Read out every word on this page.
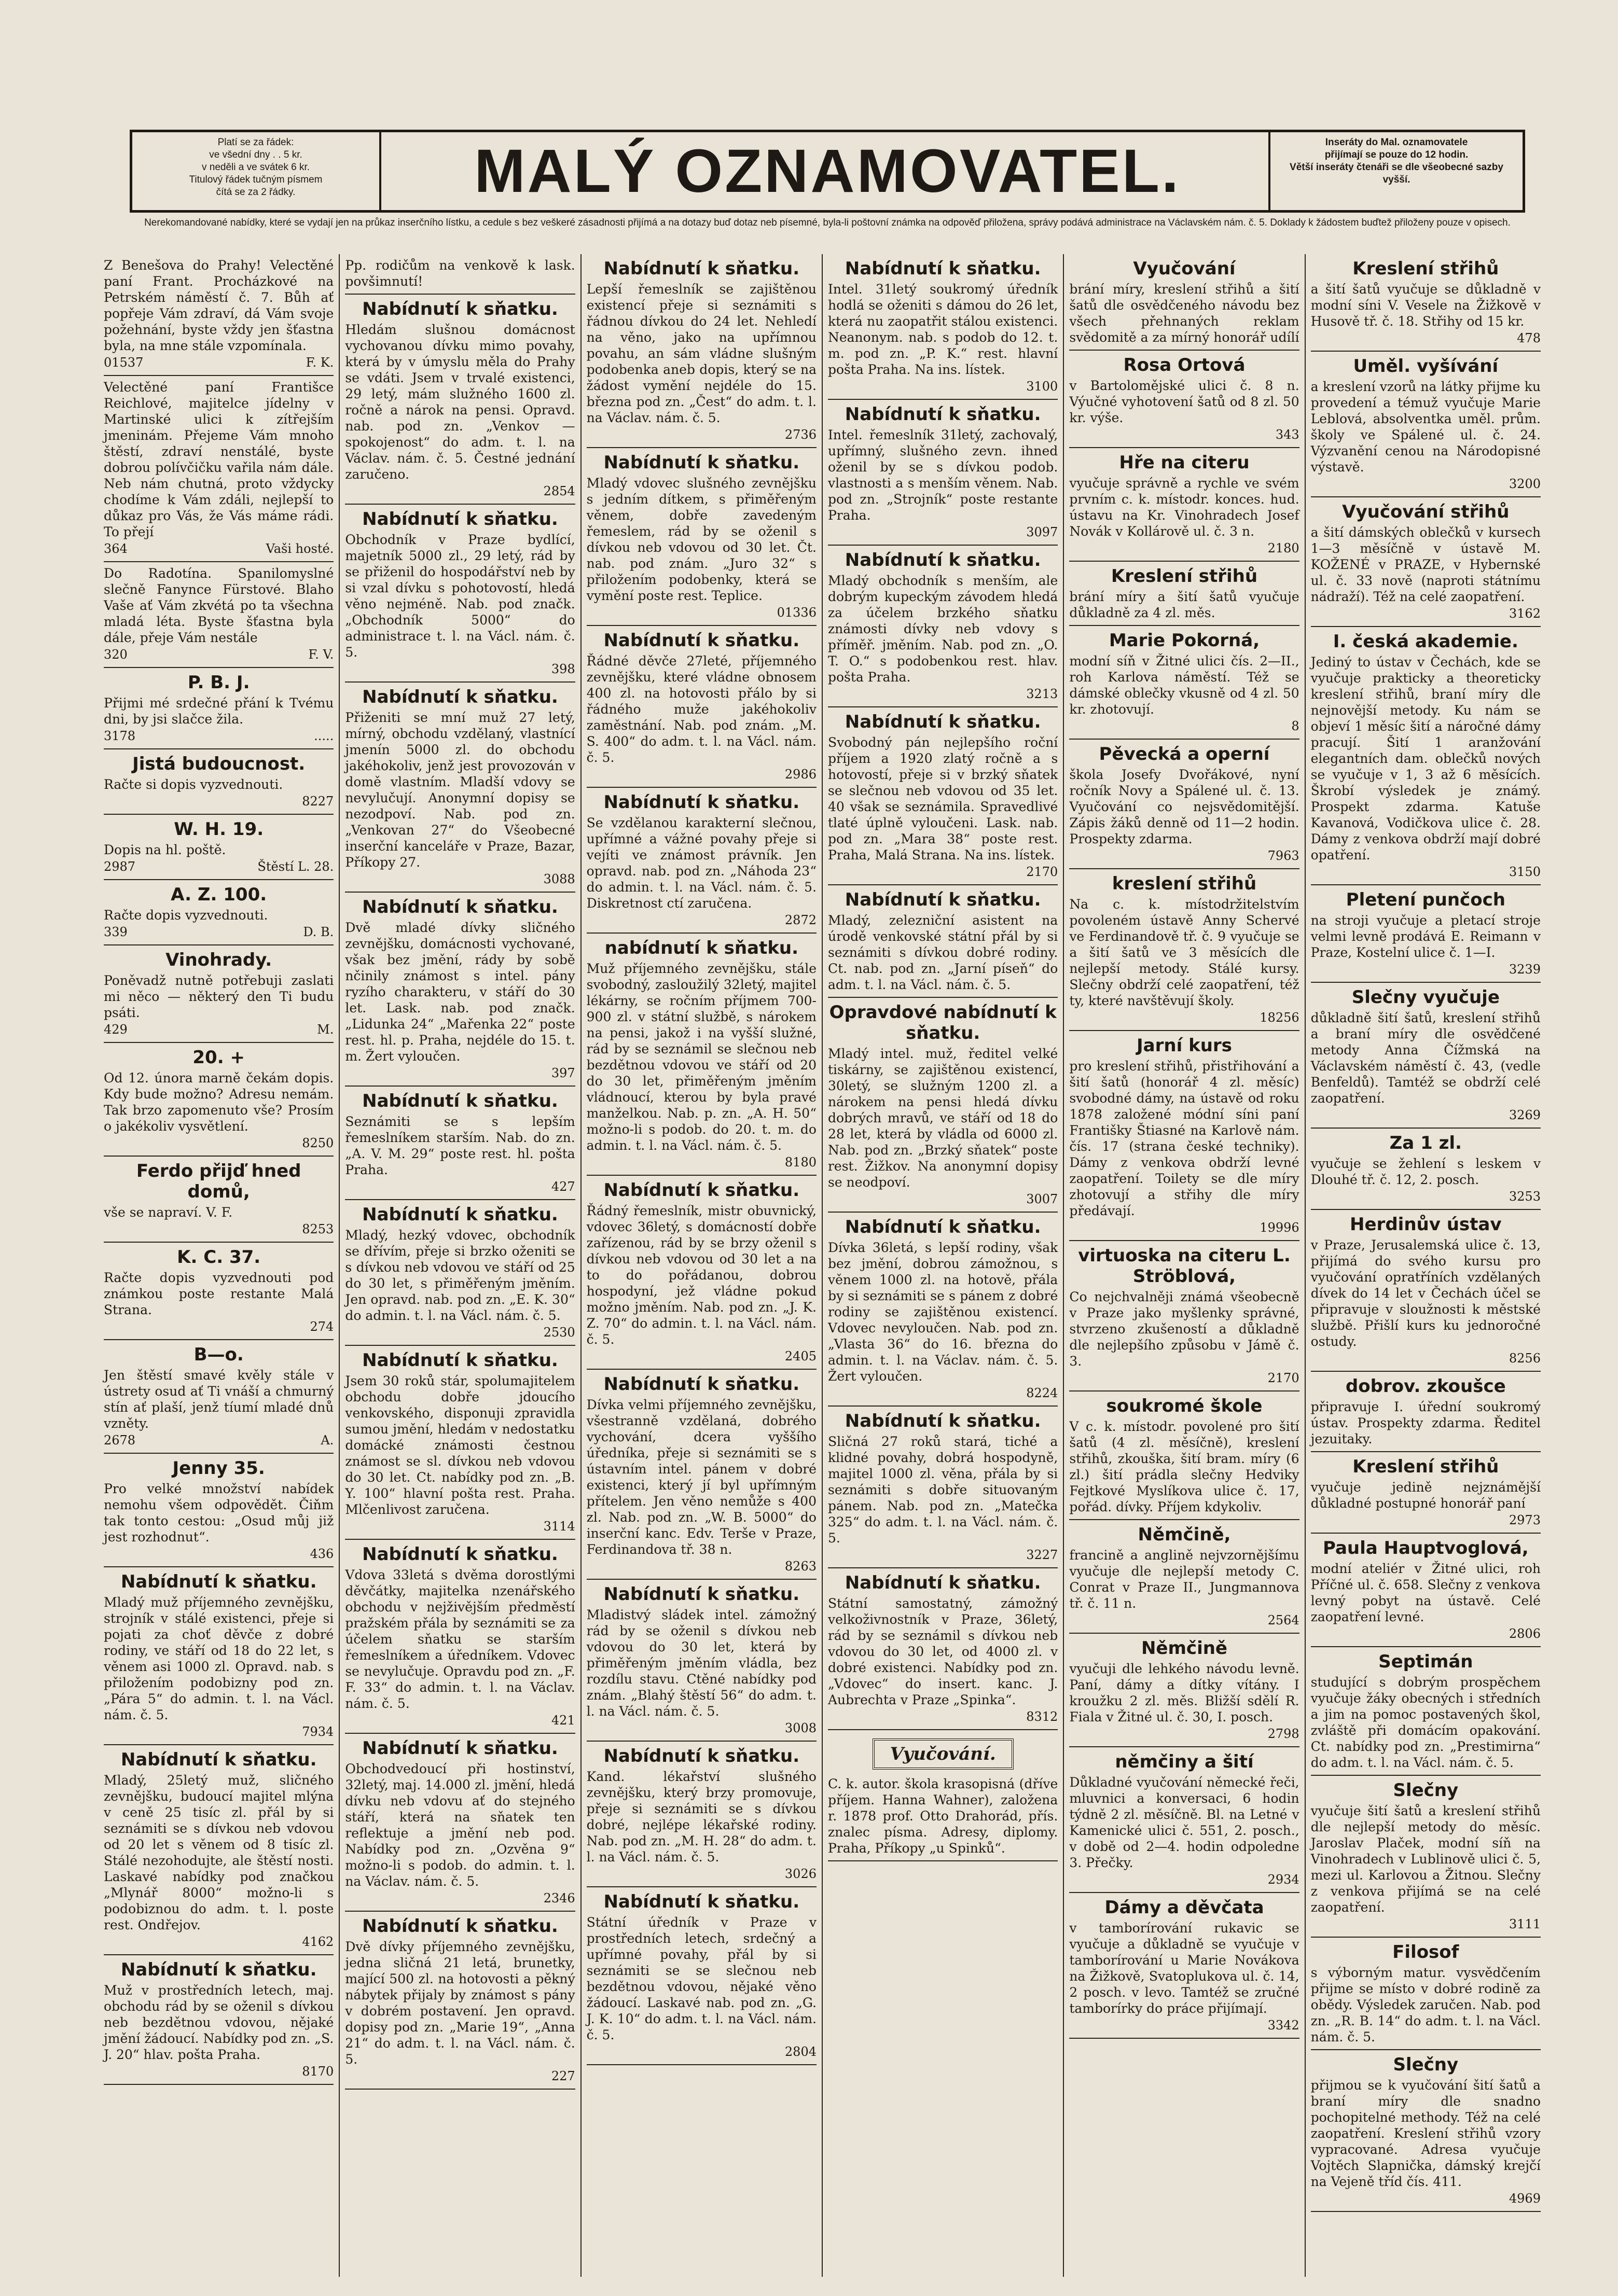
Platí se za řádek:
ve všední dny . . 5 kr.
v neděli a ve svátek 6 kr.
Titulový řádek tučným písmem
čítá se za 2 řádky.	MALÝ OZNAMOVATEL.	Inseráty do Mal. oznamovatele
přijímají se pouze do 12 hodin.
Větší inseráty čtenáři se dle všeobecné sazby vyšší.
Nerekomandované nabídky, které se vydají jen na průkaz inserčního lístku, a cedule s bez veškeré zásadnosti přijímá a na dotazy buď dotaz neb písemné, byla-li poštovní známka na odpověď přiložena, správy podává administrace na Václavském nám. č. 5. Doklady k žádostem buďtež přiloženy pouze v opisech.
Z Benešova do Prahy! Velectěné paní Frant. Procházkové na Petrském náměstí č. 7. Bůh ať popřeje Vám zdraví, dá Vám svoje požehnání, byste vždy jen šťastna byla, na mne stále vzpomínala.
01537	F. K.
Velectěné paní Františce Reichlové, majitelce jídelny v Martinské ulici k zítřejším jmeninám. Přejeme Vám mnoho štěstí, zdraví nenstálé, byste dobrou polívčičku vařila nám dále. Neb nám chutná, proto vždycky chodíme k Vám zdáli, nejlepší to důkaz pro Vás, že Vás máme rádi. To přejí
364	Vaši hosté.
Do Radotína. Spanilomyslné slečně Fanynce Fürstové. Blaho Vaše ať Vám zkvétá po ta všechna mladá léta. Byste šťastna byla dále, přeje Vám nestále
320	F. V.
P. B. J.
Přijmi mé srdečné přání k Tvému dni, by jsi slačce žila.
3178	.....
Jistá budoucnost.
Račte si dopis vyzvednouti.
8227
W. H. 19.
Dopis na hl. poště.
2987	Štěstí L. 28.
A. Z. 100.
Račte dopis vyzvednouti.
339	D. B.
Vinohrady.
Poněvadž nutně potřebuji zaslati mi něco — některý den Ti budu psáti.
429	M.
20. +
Od 12. února marně čekám dopis. Kdy bude možno? Adresu nemám. Tak brzo zapomenuto vše? Prosím o jakékoliv vysvětlení.
8250
Ferdo přijď hned domů,
vše se napraví. V. F.
8253
K. C. 37.
Račte dopis vyzvednouti pod známkou poste restante Malá Strana.
274
B—o.
Jen štěstí smavé kvěly stále v ústrety osud ať Ti vnáší a chmurný stín ať plaší, jenž tíumí mladé dnů vzněty.
2678	A.
Jenny 35.
Pro velké množství nabídek nemohu všem odpovědět. Čiňm tak tonto cestou: „Osud můj již jest rozhodnut“.
436
Nabídnutí k sňatku.
Mladý muž příjemného zevnějšku, strojník v stálé existenci, přeje si pojati za choť děvče z dobré rodiny, ve stáří od 18 do 22 let, s věnem asi 1000 zl. Opravd. nab. s přiložením podobizny pod zn. „Pára 5“ do admin. t. l. na Václ. nám. č. 5.
7934
Nabídnutí k sňatku.
Mladý, 25letý muž, sličného zevnějšku, budoucí majitel mlýna v ceně 25 tisíc zl. přál by si seznámiti se s dívkou neb vdovou od 20 let s věnem od 8 tisíc zl. Stálé nezohodujte, ale štěstí nosti. Laskavé nabídky pod značkou „Mlynář 8000“ možno-li s podobiznou do adm. t. l. poste rest. Ondřejov.
4162
Nabídnutí k sňatku.
Muž v prostředních letech, maj. obchodu rád by se oženil s dívkou neb bezdětnou vdovou, nějaké jmění žádoucí. Nabídky pod zn. „S. J. 20“ hlav. pošta Praha.
8170
Pp. rodičům na venkově k lask. povšimnutí!
Nabídnutí k sňatku.
Hledám slušnou domácnost vychovanou dívku mimo povahy, která by v úmyslu měla do Prahy se vdáti. Jsem v trvalé existenci, 29 letý, mám služného 1600 zl. ročně a nárok na pensi. Opravd. nab. pod zn. „Venkov — spokojenost“ do adm. t. l. na Václav. nám. č. 5. Čestné jednání zaručeno.
2854
Nabídnutí k sňatku.
Obchodník v Praze bydlící, majetník 5000 zl., 29 letý, rád by se přiženil do hospodářství neb by si vzal dívku s pohotovostí, hledá věno nejméně. Nab. pod značk. „Obchodník 5000“ do administrace t. l. na Václ. nám. č. 5.
398
Nabídnutí k sňatku.
Přiženiti se mní muž 27 letý, mírný, obchodu vzdělaný, vlastnící jmenín 5000 zl. do obchodu jakéhokoliv, jenž jest provozován v domě vlastním. Mladší vdovy se nevylučují. Anonymní dopisy se nezodpoví. Nab. pod zn. „Venkovan 27“ do Všeobecné inserční kanceláře v Praze, Bazar, Příkopy 27.
3088
Nabídnutí k sňatku.
Dvě mladé dívky sličného zevnějšku, domácnosti vychované, však bez jmění, rády by sobě nčinily známost s intel. pány ryzího charakteru, v stáří do 30 let. Lask. nab. pod značk. „Lidunka 24“ „Mařenka 22“ poste rest. hl. p. Praha, nejdéle do 15. t. m. Žert vyloučen.
397
Nabídnutí k sňatku.
Seznámiti se s lepším řemeslníkem starším. Nab. do zn. „A. V. M. 29“ poste rest. hl. pošta Praha.
427
Nabídnutí k sňatku.
Mladý, hezký vdovec, obchodník se dřívím, přeje si brzko oženiti se s dívkou neb vdovou ve stáří od 25 do 30 let, s přiměřeným jměním. Jen opravd. nab. pod zn. „E. K. 30“ do admin. t. l. na Václ. nám. č. 5.
2530
Nabídnutí k sňatku.
Jsem 30 roků stár, spolumajitelem obchodu dobře jdoucího venkovského, disponuji zpravidla sumou jmění, hledám v nedostatku domácké známosti čestnou známost se sl. dívkou neb vdovou do 30 let. Ct. nabídky pod zn. „B. Y. 100“ hlavní pošta rest. Praha. Mlčenlivost zaručena.
3114
Nabídnutí k sňatku.
Vdova 33letá s dvěma dorostlými děvčátky, majitelka nzenářského obchodu v nejživějším předměstí pražském přála by seznámiti se za účelem sňatku se starším řemeslníkem a úředníkem. Vdovec se nevylučuje. Opravdu pod zn. „F. F. 33“ do admin. t. l. na Václav. nám. č. 5.
421
Nabídnutí k sňatku.
Obchodvedoucí při hostinství, 32letý, maj. 14.000 zl. jmění, hledá dívku neb vdovu ať do stejného stáří, která na sňatek ten reflektuje a jmění neb pod. Nabídky pod zn. „Ozvěna 9“ možno-li s podob. do admin. t. l. na Václav. nám. č. 5.
2346
Nabídnutí k sňatku.
Dvě dívky příjemného zevnějšku, jedna sličná 21 letá, brunetky, mající 500 zl. na hotovosti a pěkný nábytek přijaly by známost s pány v dobrém postavení. Jen opravd. dopisy pod zn. „Marie 19“, „Anna 21“ do adm. t. l. na Václ. nám. č. 5.
227
Nabídnutí k sňatku.
Lepší řemeslník se zajištěnou existencí přeje si seznámiti s řádnou dívkou do 24 let. Nehledí na věno, jako na upřímnou povahu, an sám vládne slušným podobenka aneb dopis, který se na žádost vymění nejdéle do 15. března pod zn. „Čest“ do adm. t. l. na Václav. nám. č. 5.
2736
Nabídnutí k sňatku.
Mladý vdovec slušného zevnějšku s jedním dítkem, s přiměřeným věnem, dobře zavedeným řemeslem, rád by se oženil s dívkou neb vdovou od 30 let. Čt. nab. pod znám. „Juro 32“ s přiložením podobenky, která se vymění poste rest. Teplice.
01336
Nabídnutí k sňatku.
Řádné děvče 27leté, příjemného zevnějšku, které vládne obnosem 400 zl. na hotovosti přálo by si řádného muže jakéhokoliv zaměstnání. Nab. pod znám. „M. S. 400“ do adm. t. l. na Václ. nám. č. 5.
2986
Nabídnutí k sňatku.
Se vzdělanou karakterní slečnou, upřímné a vážné povahy přeje si vejíti ve známost právník. Jen opravd. nab. pod zn. „Náhoda 23“ do admin. t. l. na Václ. nám. č. 5. Diskretnost ctí zaručena.
2872
nabídnutí k sňatku.
Muž příjemného zevnějšku, stále svobodný, zasloužilý 32letý, majitel lékárny, se ročním příjmem 700-900 zl. v státní službě, s nárokem na pensi, jakož i na vyšší služné, rád by se seznámil se slečnou neb bezdětnou vdovou ve stáří od 20 do 30 let, přiměřeným jměním vládnoucí, kterou by byla pravé manželkou. Nab. p. zn. „A. H. 50“ možno-li s podob. do 20. t. m. do admin. t. l. na Václ. nám. č. 5.
8180
Nabídnutí k sňatku.
Řádný řemeslník, mistr obuvnický, vdovec 36letý, s domácností dobře zařízenou, rád by se brzy oženil s dívkou neb vdovou od 30 let a na to do pořádanou, dobrou hospodyní, jež vládne pokud možno jměním. Nab. pod zn. „J. K. Z. 70“ do admin. t. l. na Václ. nám. č. 5.
2405
Nabídnutí k sňatku.
Dívka velmi příjemného zevnějšku, všestranně vzdělaná, dobrého vychování, dcera vyššího úředníka, přeje si seznámiti se s ústavním intel. pánem v dobré existenci, který jí byl upřímným přítelem. Jen věno nemůže s 400 zl. Nab. pod zn. „W. B. 5000“ do inserční kanc. Edv. Terše v Praze, Ferdinandova tř. 38 n.
8263
Nabídnutí k sňatku.
Mladistvý sládek intel. zámožný rád by se oženil s dívkou neb vdovou do 30 let, která by přiměřeným jměním vládla, bez rozdílu stavu. Ctěné nabídky pod znám. „Blahý štěstí 56“ do adm. t. l. na Václ. nám. č. 5.
3008
Nabídnutí k sňatku.
Kand. lékařství slušného zevnějšku, který brzy promovuje, přeje si seznámiti se s dívkou dobré, nejlépe lékařské rodiny. Nab. pod zn. „M. H. 28“ do adm. t. l. na Václ. nám. č. 5.
3026
Nabídnutí k sňatku.
Státní úředník v Praze v prostředních letech, srdečný a upřímné povahy, přál by si seznámiti se se slečnou neb bezdětnou vdovou, nějaké věno žádoucí. Laskavé nab. pod zn. „G. J. K. 10“ do adm. t. l. na Václ. nám. č. 5.
2804
Nabídnutí k sňatku.
Intel. 31letý soukromý úředník hodlá se oženiti s dámou do 26 let, která nu zaopatřit stálou existenci. Neanonym. nab. s podob do 12. t. m. pod zn. „P. K.“ rest. hlavní pošta Praha. Na ins. lístek.
3100
Nabídnutí k sňatku.
Intel. řemeslník 31letý, zachovalý, upřímný, slušného zevn. ihned oženil by se s dívkou podob. vlastnosti a s menším věnem. Nab. pod zn. „Strojník“ poste restante Praha.
3097
Nabídnutí k sňatku.
Mladý obchodník s menším, ale dobrým kupeckým závodem hledá za účelem brzkého sňatku známosti dívky neb vdovy s příměř. jměním. Nab. pod zn. „O. T. O.“ s podobenkou rest. hlav. pošta Praha.
3213
Nabídnutí k sňatku.
Svobodný pán nejlepšího roční příjem a 1920 zlatý ročně a s hotovostí, přeje si v brzký sňatek se slečnou neb vdovou od 35 let. 40 však se seznámila. Spravedlivé tlaté úplně vyloučeni. Lask. nab. pod zn. „Mara 38“ poste rest. Praha, Malá Strana. Na ins. lístek.
2170
Nabídnutí k sňatku.
Mladý, zelezniční asistent na úrodě venkovské státní přál by si seznámiti s dívkou dobré rodiny. Ct. nab. pod zn. „Jarní píseň“ do adm. t. l. na Václ. nám. č. 5.
Opravdové nabídnutí k sňatku.
Mladý intel. muž, ředitel velké tiskárny, se zajištěnou existencí, 30letý, se služným 1200 zl. a nárokem na pensi hledá dívku dobrých mravů, ve stáří od 18 do 28 let, která by vládla od 6000 zl. Nab. pod zn. „Brzký sňatek“ poste rest. Žižkov. Na anonymní dopisy se neodpoví.
3007
Nabídnutí k sňatku.
Dívka 36letá, s lepší rodiny, však bez jmění, dobrou zámožnou, s věnem 1000 zl. na hotově, přála by si seznámiti se s pánem z dobré rodiny se zajištěnou existencí. Vdovec nevyloučen. Nab. pod zn. „Vlasta 36“ do 16. března do admin. t. l. na Václav. nám. č. 5. Žert vyloučen.
8224
Nabídnutí k sňatku.
Sličná 27 roků stará, tiché a klidné povahy, dobrá hospodyně, majitel 1000 zl. věna, přála by si seznámiti s dobře situovaným pánem. Nab. pod zn. „Matečka 325“ do adm. t. l. na Václ. nám. č. 5.
3227
Nabídnutí k sňatku.
Státní samostatný, zámožný velkoživnostník v Praze, 36letý, rád by se seznámil s dívkou neb vdovou do 30 let, od 4000 zl. v dobré existenci. Nabídky pod zn. „Vdovec“ do insert. kanc. J. Aubrechta v Praze „Spinka“.
8312
Vyučování.
C. k. autor. škola krasopisná (dříve příjem. Hanna Wahner), založena r. 1878 prof. Otto Drahorád, přís. znalec písma. Adresy, diplomy. Praha, Příkopy „u Spinků“.
Vyučování
brání míry, kreslení střihů a šití šatů dle osvědčeného návodu bez všech přehnaných reklam svědomitě a za mírný honorář udílí
Rosa Ortová
v Bartolomějské ulici č. 8 n. Výučné vyhotovení šatů od 8 zl. 50 kr. výše.
343
Hře na citeru
vyučuje správně a rychle ve svém prvním c. k. místodr. konces. hud. ústavu na Kr. Vinohradech Josef Novák v Kollárově ul. č. 3 n.
2180
Kreslení střihů
brání míry a šití šatů vyučuje důkladně za 4 zl. měs.
Marie Pokorná,
modní síň v Žitné ulici čís. 2—II., roh Karlova náměstí. Též se dámské oblečky vkusně od 4 zl. 50 kr. zhotovují.
8
Pěvecká a operní
škola Josefy Dvořákové, nyní ročník Novy a Spálené ul. č. 13. Vyučování co nejsvědomitější. Zápis žáků denně od 11—2 hodin. Prospekty zdarma.
7963
kreslení střihů
Na c. k. místodržitelstvím povoleném ústavě Anny Schervé ve Ferdinandově tř. č. 9 vyučuje se a šití šatů ve 3 měsících dle nejlepší metody. Stálé kursy. Slečny obdrží celé zaopatření, též ty, které navštěvují školy.
18256
Jarní kurs
pro kreslení střihů, přistřihování a šití šatů (honorář 4 zl. měsíc) svobodné dámy, na ústavě od roku 1878 založené módní síni paní Františky Štiasné na Karlově nám. čís. 17 (strana české techniky). Dámy z venkova obdrží levné zaopatření. Toilety se dle míry zhotovují a střihy dle míry předávají.
19996
virtuoska na citeru L. Ströblová,
Co nejchvalněji známá všeobecně v Praze jako myšlenky správné, stvrzeno zkušeností a důkladně dle nejlepšího způsobu v Jámě č. 3.
2170
soukromé škole
V c. k. místodr. povolené pro šití šatů (4 zl. měsíčně), kreslení střihů, zkouška, šití bram. míry (6 zl.) šití prádla slečny Hedviky Fejtkové Myslíkova ulice č. 17, pořád. dívky. Příjem kdykoliv.
Němčině,
francině a anglině nejvzornějšímu vyučuje dle nejlepší metody C. Conrat v Praze II., Jungmannova tř. č. 11 n.
2564
Němčině
vyučuji dle lehkého návodu levně. Paní, dámy a dítky vítány. I kroužku 2 zl. měs. Bližší sdělí R. Fiala v Žitné ul. č. 30, I. posch.
2798
němčiny a šití
Důkladné vyučování německé řeči, mluvnici a konversaci, 6 hodin týdně 2 zl. měsíčně. Bl. na Letné v Kamenické ulici č. 551, 2. posch., v době od 2—4. hodin odpoledne 3. Přečky.
2934
Dámy a děvčata
v tamborírování rukavic se vyučuje a důkladně se vyučuje v tamborírování u Marie Novákova na Žižkově, Svatoplukova ul. č. 14, 2 posch. v levo. Tamtéž se zručné tamborírky do práce přijímají.
3342
Kreslení střihů
a šití šatů vyučuje se důkladně v modní síni V. Vesele na Žižkově v Husově tř. č. 18. Střihy od 15 kr.
478
Uměl. vyšívání
a kreslení vzorů na látky přijme ku provedení a témuž vyučuje Marie Leblová, absolventka uměl. prům. školy ve Spálené ul. č. 24. Výzvanění cenou na Národopisné výstavě.
3200
Vyučování střihů
a šití dámských oblečků v kursech 1—3 měsíčně v ústavě M. KOŽENÉ v PRAZE, v Hybernské ul. č. 33 nově (naproti státnímu nádraží). Též na celé zaopatření.
3162
I. česká akademie.
Jediný to ústav v Čechách, kde se vyučuje prakticky a theoreticky kreslení střihů, braní míry dle nejnovější metody. Ku nám se objeví 1 měsíc šití a náročné dámy pracují. Šití 1 aranžování elegantních dam. oblečků nových se vyučuje v 1, 3 až 6 měsících. Škrobí výsledek je známý. Prospekt zdarma. Katuše Kavanová, Vodičkova ulice č. 28. Dámy z venkova obdrží mají dobré opatření.
3150
Pletení punčoch
na stroji vyučuje a pletací stroje velmi levně prodává E. Reimann v Praze, Kostelní ulice č. 1—I.
3239
Slečny vyučuje
důkladně šití šatů, kreslení střihů a braní míry dle osvědčené metody Anna Čížmská na Václavském náměstí č. 43, (vedle Benfeldů). Tamtéž se obdrží celé zaopatření.
3269
Za 1 zl.
vyučuje se žehlení s leskem v Dlouhé tř. č. 12, 2. posch.
3253
Herdinův ústav
v Praze, Jerusalemská ulice č. 13, přijímá do svého kursu pro vyučování opratříních vzdělaných dívek do 14 let v Čechách účel se připravuje v sloužnosti k městské službě. Přišlí kurs ku jednoročné ostudy.
8256
dobrov. zkoušce
připravuje I. úřední soukromý ústav. Prospekty zdarma. Ředitel jezuitaky.
Kreslení střihů
vyučuje jedině nejznámější důkladné postupné honorář paní
2973
Paula Hauptvoglová,
modní ateliér v Žitné ulici, roh Příčné ul. č. 658. Slečny z venkova levný pobyt na ústavě. Celé zaopatření levné.
2806
Septimán
studující s dobrým prospěchem vyučuje žáky obecných i středních a jim na pomoc postavených škol, zvláště při domácím opakování. Ct. nabídky pod zn. „Prestimirna“ do adm. t. l. na Václ. nám. č. 5.
Slečny
vyučuje šití šatů a kreslení střihů dle nejlepší metody do měsíc. Jaroslav Plaček, modní síň na Vinohradech v Lublinově ulici č. 5, mezi ul. Karlovou a Žitnou. Slečny z venkova přijímá se na celé zaopatření.
3111
Filosof
s výborným matur. vysvědčením přijme se místo v dobré rodině za obědy. Výsledek zaručen. Nab. pod zn. „R. B. 14“ do adm. t. l. na Václ. nám. č. 5.
Slečny
přijmou se k vyučování šití šatů a braní míry dle snadno pochopitelné methody. Též na celé zaopatření. Kreslení střihů vzory vypracované. Adresa vyučuje Vojtěch Slapnička, dámský krejčí na Vejeně tříd čís. 411.
4969
